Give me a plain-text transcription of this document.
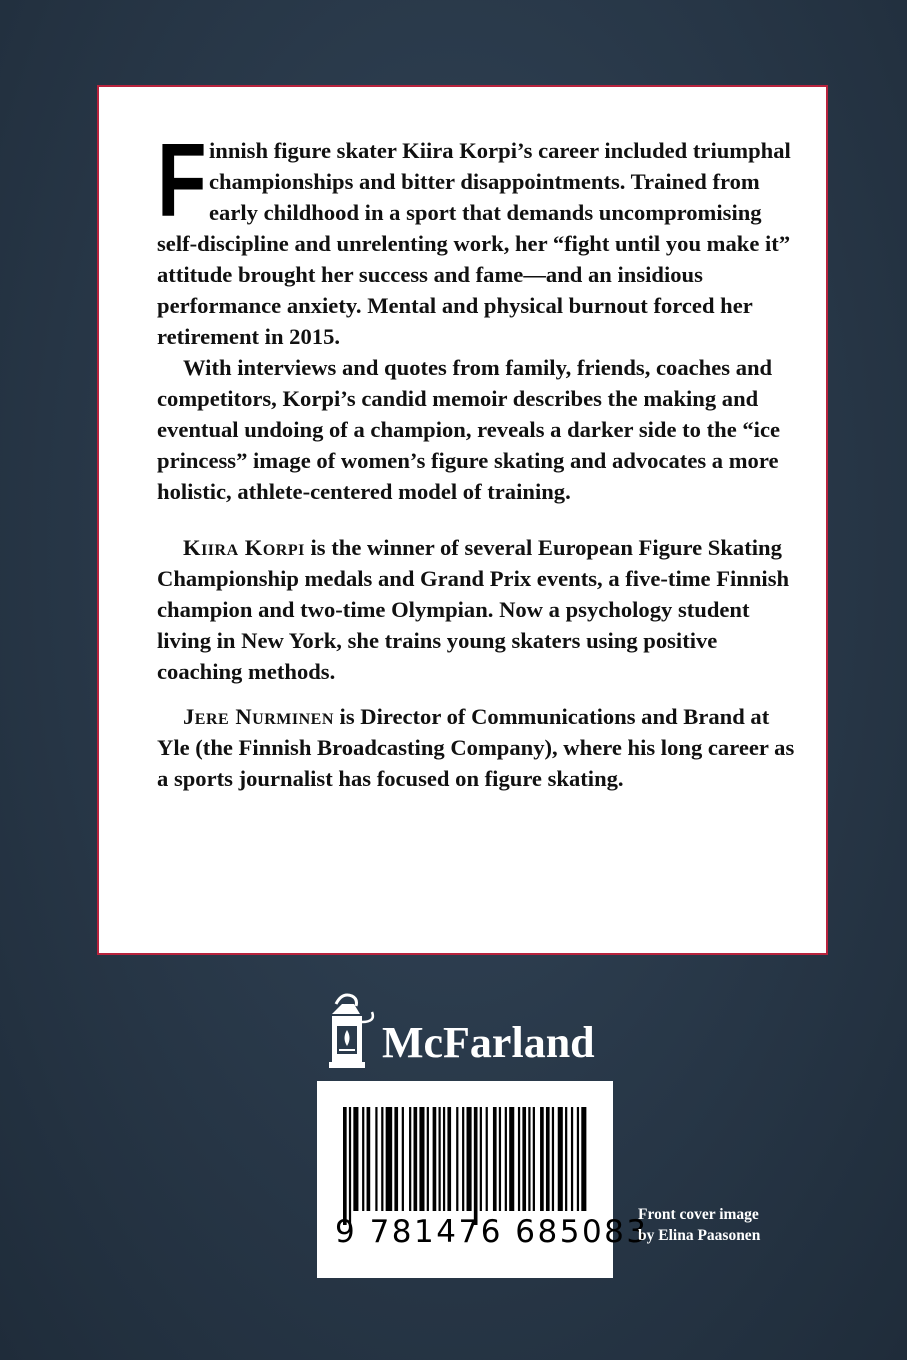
Finnish figure skater Kiira Korpi’s career included triumphal championships and bitter disappointments. Trained from early childhood in a sport that demands uncompromising self-discipline and unrelenting work, her “fight until you make it” attitude brought her success and fame—and an insidious performance anxiety. Mental and physical burnout forced her retirement in 2015.

With interviews and quotes from family, friends, coaches and competitors, Korpi’s candid memoir describes the making and eventual undoing of a champion, reveals a darker side to the “ice princess” image of women’s figure skating and advocates a more holistic, athlete-centered model of training.

Kiira Korpi is the winner of several European Figure Skating Championship medals and Grand Prix events, a five-time Finnish champion and two-time Olympian. Now a psychology student living in New York, she trains young skaters using positive coaching methods.

Jere Nurminen is Director of Communications and Brand at Yle (the Finnish Broadcasting Company), where his long career as a sports journalist has focused on figure skating.

McFarland
9 781476 685083
Front cover image
by Elina Paasonen
